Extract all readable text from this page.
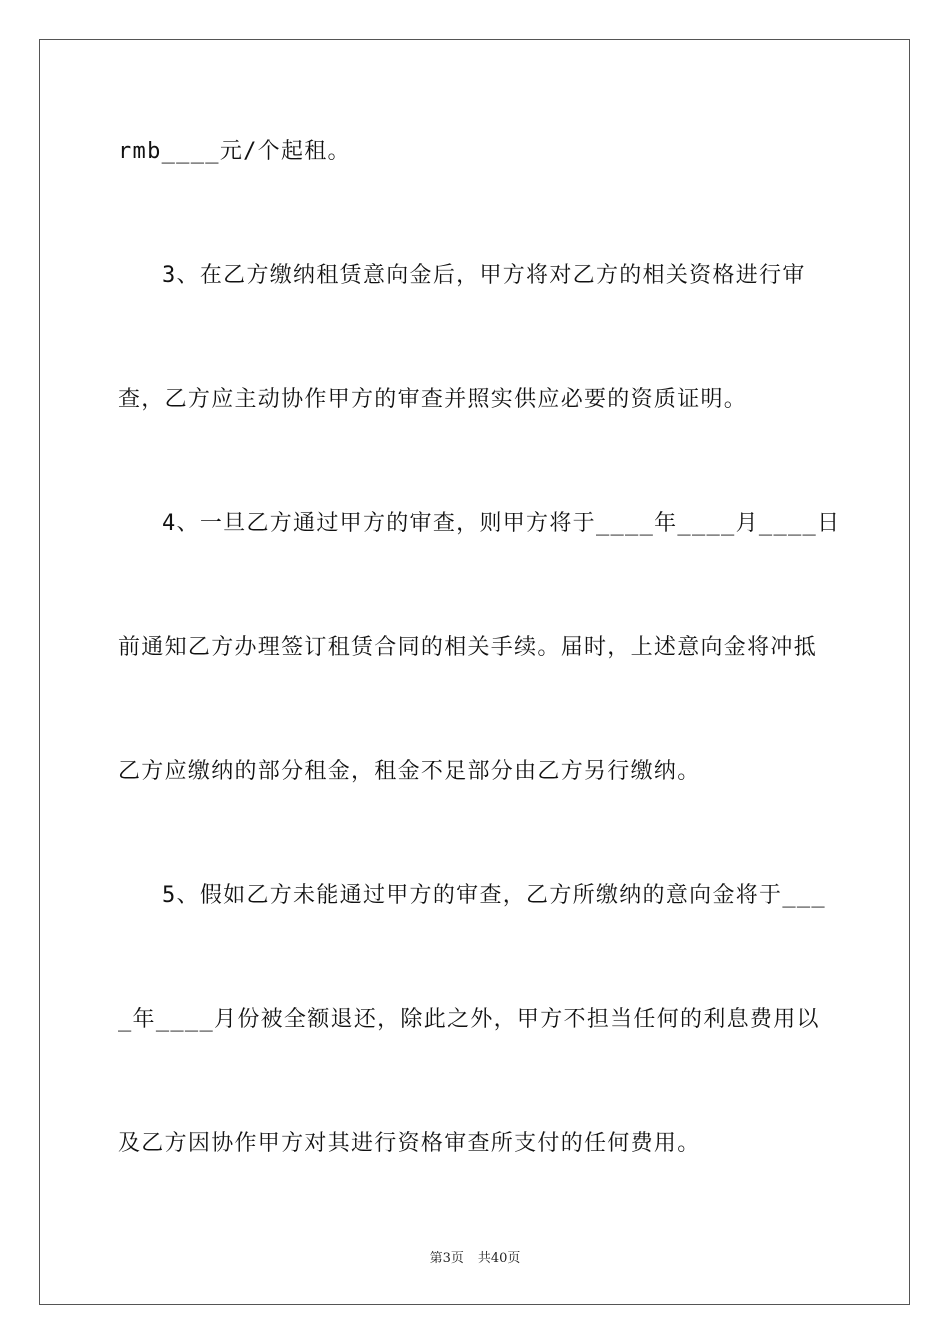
rmb____元/个起租。
3、在乙方缴纳租赁意向金后，甲方将对乙方的相关资格进行审
查，乙方应主动协作甲方的审查并照实供应必要的资质证明。
4、一旦乙方通过甲方的审查，则甲方将于____年____月____日
前通知乙方办理签订租赁合同的相关手续。届时，上述意向金将冲抵
乙方应缴纳的部分租金，租金不足部分由乙方另行缴纳。
5、假如乙方未能通过甲方的审查，乙方所缴纳的意向金将于___
_年____月份被全额退还，除此之外，甲方不担当任何的利息费用以
及乙方因协作甲方对其进行资格审查所支付的任何费用。
第3页 共40页
